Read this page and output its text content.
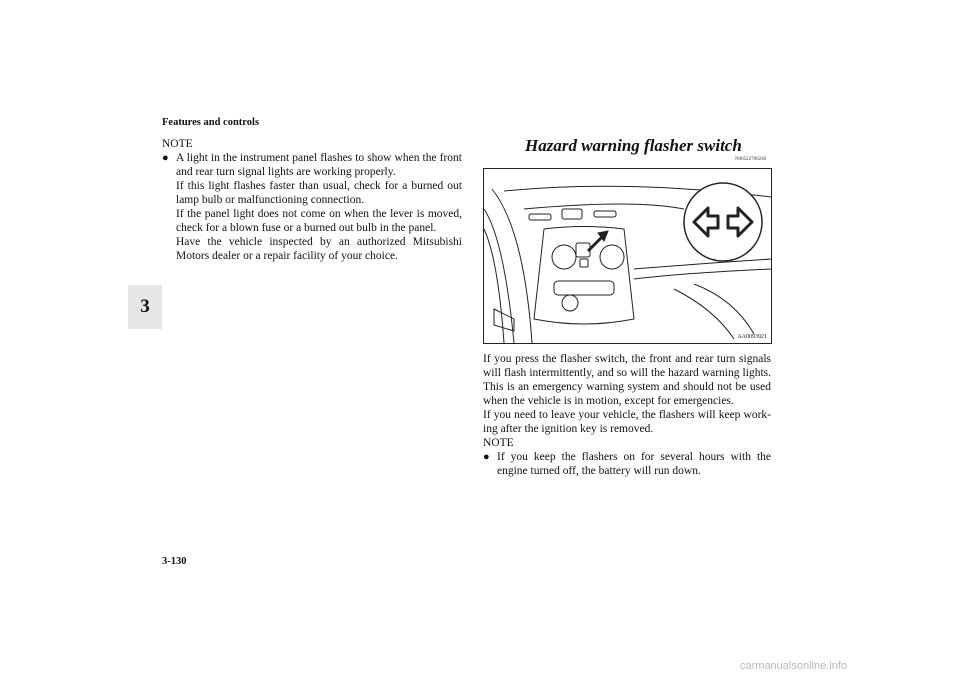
Features and controls
3
NOTE
● A light in the instrument panel flashes to show when the front and rear turn signal lights are working properly.
If this light flashes faster than usual, check for a burned out lamp bulb or malfunctioning connection.
If the panel light does not come on when the lever is moved, check for a blown fuse or a burned out bulb in the panel.
Have the vehicle inspected by an authorized Mitsubishi Motors dealer or a repair facility of your choice.
Hazard warning flasher switch
N00522700246
AA0093921

If you press the flasher switch, the front and rear turn signals will flash intermittently, and so will the hazard warning lights. This is an emergency warning system and should not be used when the vehicle is in motion, except for emergencies.

If you need to leave your vehicle, the flashers will keep work-ing after the ignition key is removed.

NOTE
● If you keep the flashers on for several hours with the engine turned off, the battery will run down.
3-130
carmanualsonline.info
